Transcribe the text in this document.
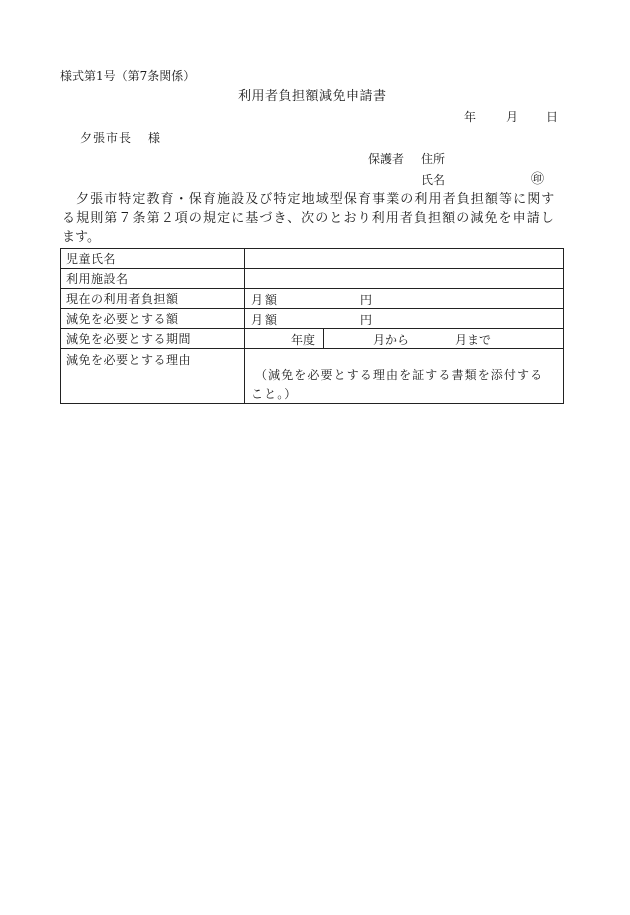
様式第1号（第7条関係）
利用者負担額減免申請書
年 月 日
夕張市長 様
保護者 住所
氏名	㊞
夕張市特定教育・保育施設及び特定地域型保育事業の利用者負担額等に関す
る規則第７条第２項の規定に基づき、次のとおり利用者負担額の減免を申請し
ます。
児童氏名	
利用施設名	
現在の利用者負担額	月額 円

減免を必要とする額	月額 円

減免を必要とする期間	年度 月から 月まで

減免を必要とする理由	（減免を必要とする理由を証する書類を添付する
こと。）
